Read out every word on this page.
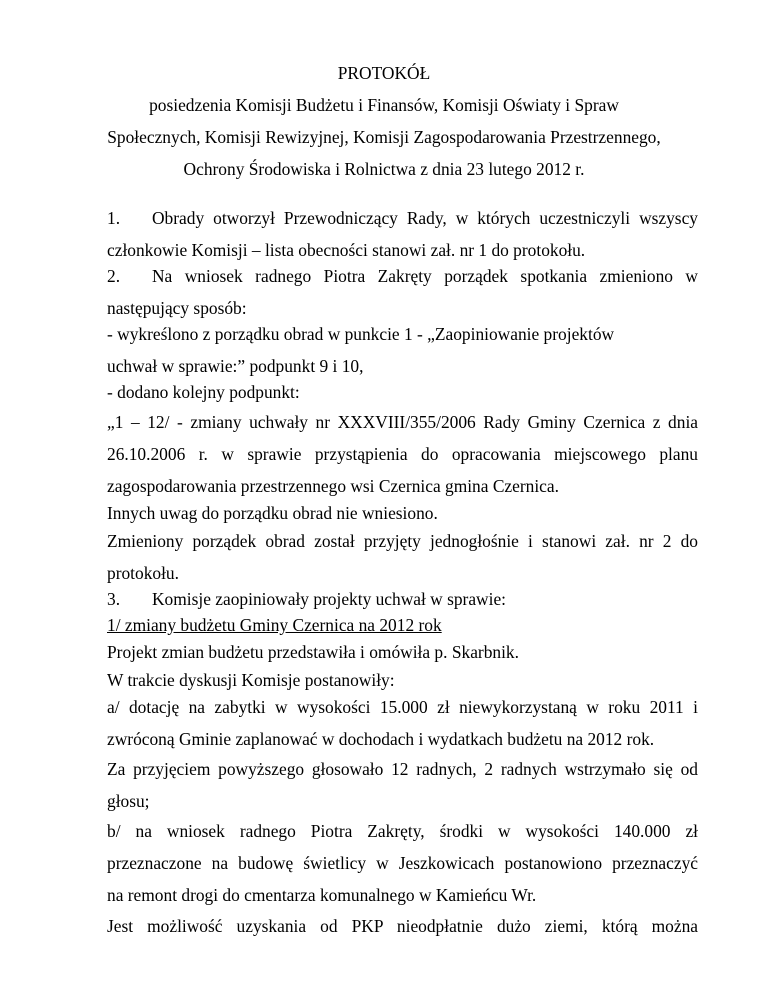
PROTOKÓŁ
posiedzenia Komisji Budżetu i Finansów, Komisji Oświaty i Spraw
Społecznych, Komisji Rewizyjnej, Komisji Zagospodarowania Przestrzennego,
Ochrony Środowiska i Rolnictwa z dnia 23 lutego 2012 r.
1. Obrady otworzył Przewodniczący Rady, w których uczestniczyli wszyscy
członkowie Komisji – lista obecności stanowi zał. nr 1 do protokołu.
2. Na wniosek radnego Piotra Zakręty porządek spotkania zmieniono w
następujący sposób:
- wykreślono z porządku obrad w punkcie 1 - „Zaopiniowanie projektów
uchwał w sprawie:” podpunkt 9 i 10,
- dodano kolejny podpunkt:
„1 – 12/ - zmiany uchwały nr XXXVIII/355/2006 Rady Gminy Czernica z dnia
26.10.2006 r. w sprawie przystąpienia do opracowania miejscowego planu
zagospodarowania przestrzennego wsi Czernica gmina Czernica.
Innych uwag do porządku obrad nie wniesiono.
Zmieniony porządek obrad został przyjęty jednogłośnie i stanowi zał. nr 2 do
protokołu.
3. Komisje zaopiniowały projekty uchwał w sprawie:
1/ zmiany budżetu Gminy Czernica na 2012 rok
Projekt zmian budżetu przedstawiła i omówiła p. Skarbnik.
W trakcie dyskusji Komisje postanowiły:
a/ dotację na zabytki w wysokości 15.000 zł niewykorzystaną w roku 2011 i
zwróconą Gminie zaplanować w dochodach i wydatkach budżetu na 2012 rok.
Za przyjęciem powyższego głosowało 12 radnych, 2 radnych wstrzymało się od
głosu;
b/ na wniosek radnego Piotra Zakręty, środki w wysokości 140.000 zł
przeznaczone na budowę świetlicy w Jeszkowicach postanowiono przeznaczyć
na remont drogi do cmentarza komunalnego w Kamieńcu Wr.
Jest możliwość uzyskania od PKP nieodpłatnie dużo ziemi, którą można
